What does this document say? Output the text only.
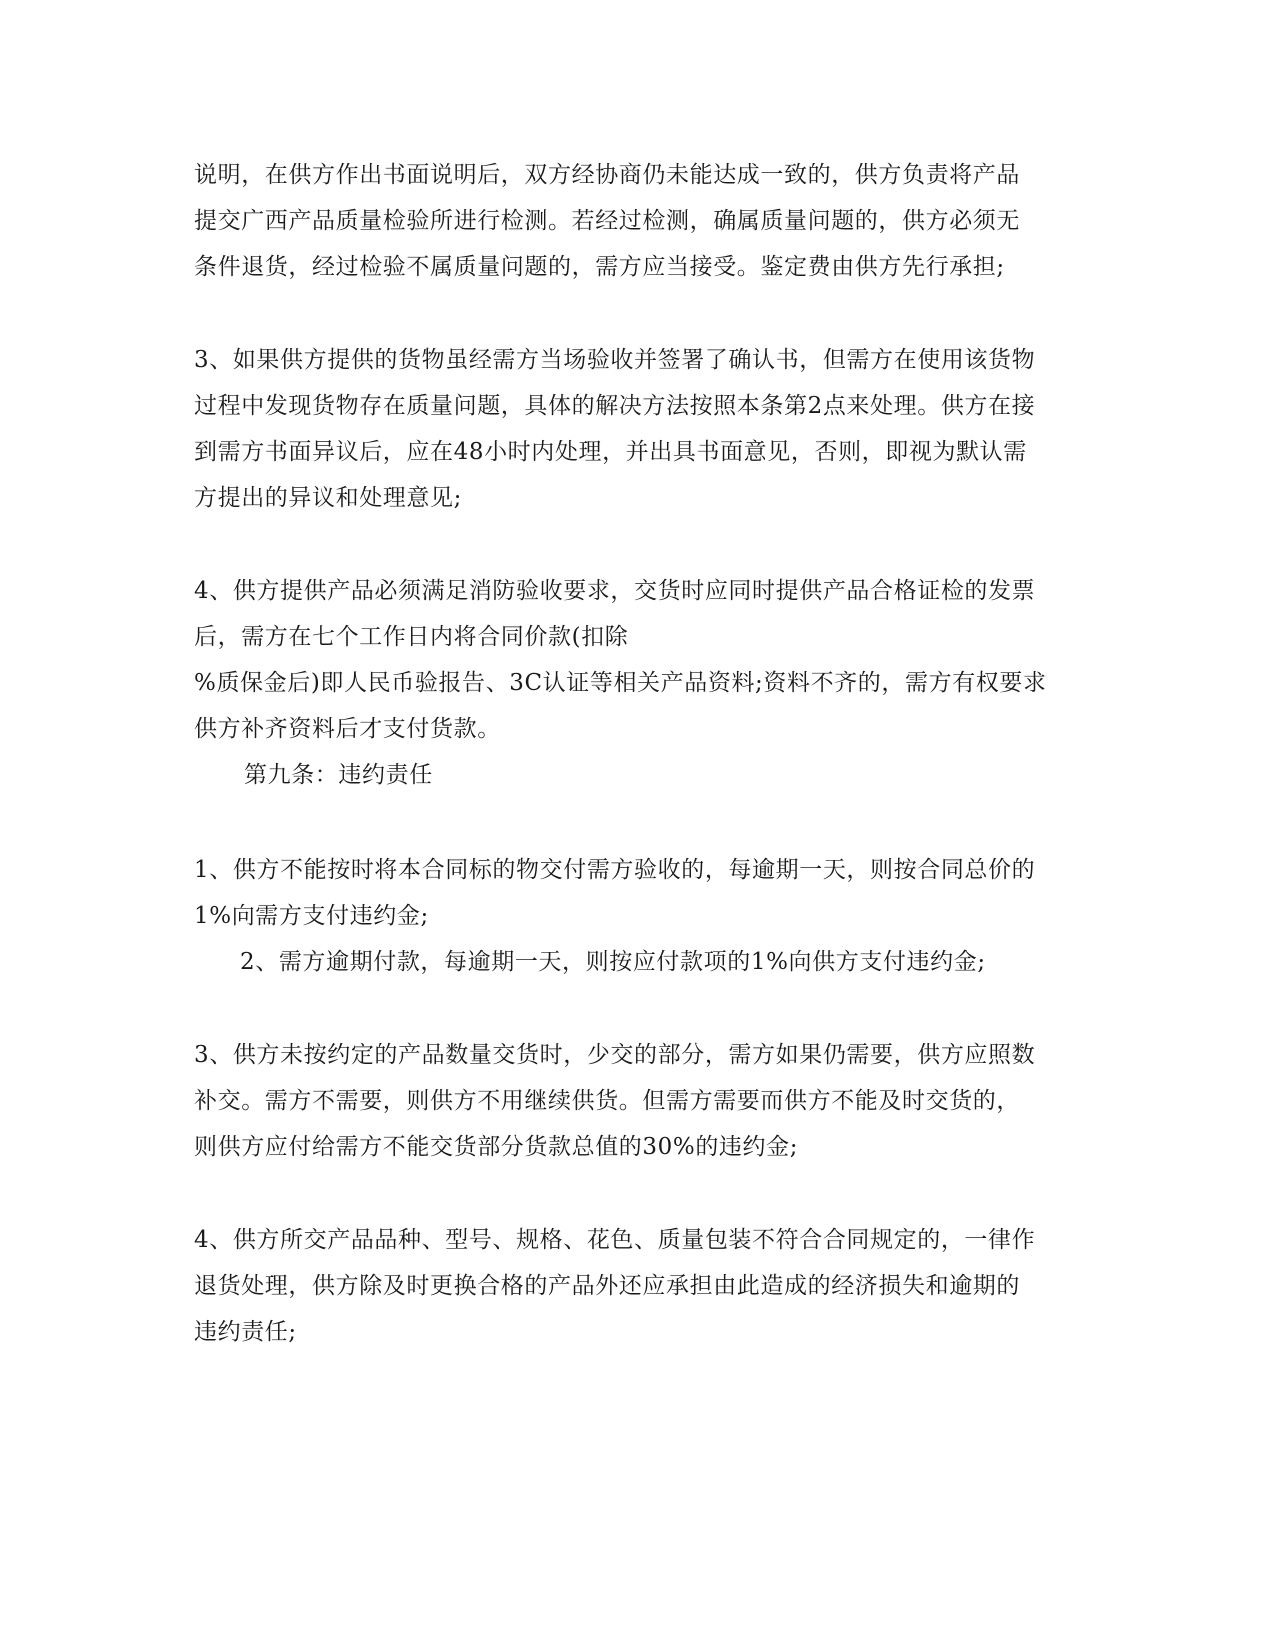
说明，在供方作出书面说明后，双方经协商仍未能达成一致的，供方负责将产品
提交广西产品质量检验所进行检测。若经过检测，确属质量问题的，供方必须无
条件退货，经过检验不属质量问题的，需方应当接受。鉴定费由供方先行承担;
3、如果供方提供的货物虽经需方当场验收并签署了确认书，但需方在使用该货物
过程中发现货物存在质量问题，具体的解决方法按照本条第2点来处理。供方在接
到需方书面异议后，应在48小时内处理，并出具书面意见，否则，即视为默认需
方提出的异议和处理意见;
4、供方提供产品必须满足消防验收要求，交货时应同时提供产品合格证检的发票
后，需方在七个工作日内将合同价款(扣除
%质保金后)即人民币验报告、3C认证等相关产品资料;资料不齐的，需方有权要求
供方补齐资料后才支付货款。
第九条：违约责任
1、供方不能按时将本合同标的物交付需方验收的，每逾期一天，则按合同总价的
1%向需方支付违约金;
2、需方逾期付款，每逾期一天，则按应付款项的1%向供方支付违约金;
3、供方未按约定的产品数量交货时，少交的部分，需方如果仍需要，供方应照数
补交。需方不需要，则供方不用继续供货。但需方需要而供方不能及时交货的，
则供方应付给需方不能交货部分货款总值的30%的违约金;
4、供方所交产品品种、型号、规格、花色、质量包装不符合合同规定的，一律作
退货处理，供方除及时更换合格的产品外还应承担由此造成的经济损失和逾期的
违约责任;
